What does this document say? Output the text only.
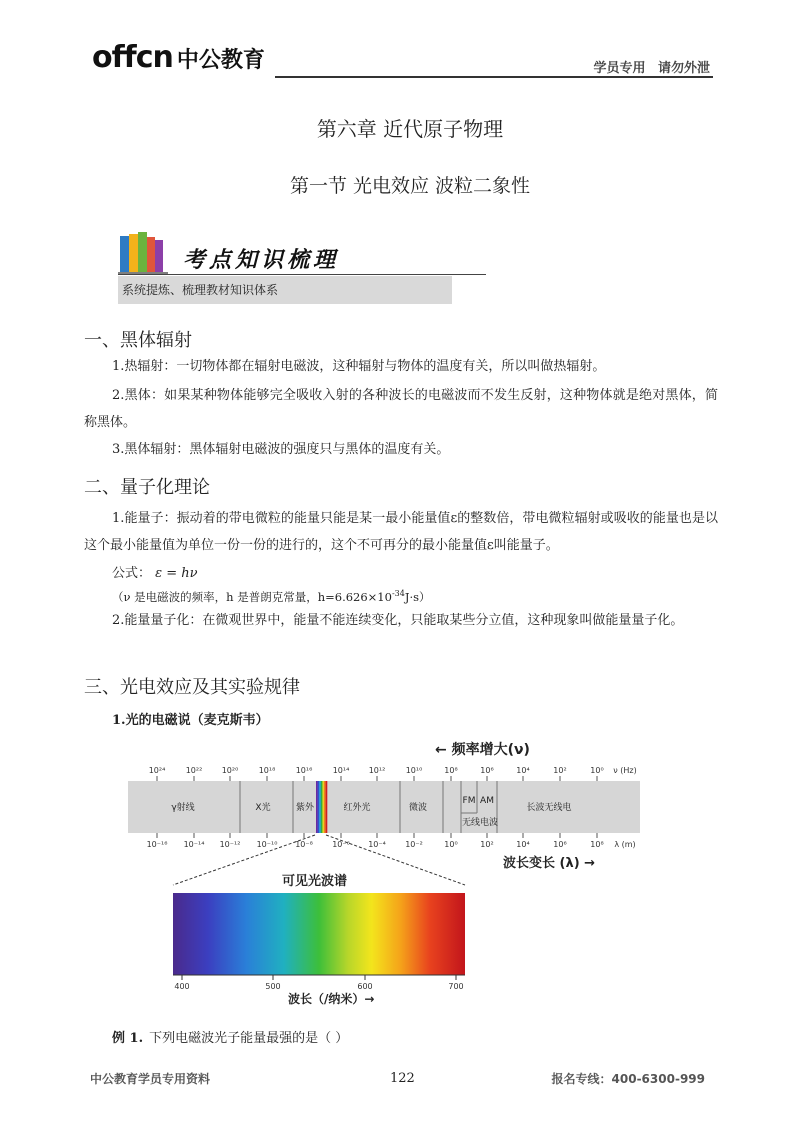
offcn 中公教育	学员专用 请勿外泄
第六章 近代原子物理
第一节 光电效应 波粒二象性
考点知识梳理
系统提炼、梳理教材知识体系
一、黑体辐射
1.热辐射：一切物体都在辐射电磁波，这种辐射与物体的温度有关，所以叫做热辐射。
2.黑体：如果某种物体能够完全吸收入射的各种波长的电磁波而不发生反射，这种物体就是绝对黑体，简称黑体。
3.黑体辐射：黑体辐射电磁波的强度只与黑体的温度有关。
二、量子化理论
1.能量子：振动着的带电微粒的能量只能是某一最小能量值ε的整数倍，带电微粒辐射或吸收的能量也是以这个最小能量值为单位一份一份的进行的，这个不可再分的最小能量值ε叫能量子。
公式： ε = hν
（ν 是电磁波的频率，h 是普朗克常量，$h=6.626\times 10^{-34}J\cdot s$）
2.能量量子化：在微观世界中，能量不能连续变化，只能取某些分立值，这种现象叫做能量量子化。
三、光电效应及其实验规律
1.光的电磁说（麦克斯韦）
← 频率增大(ν)
10²⁴	10²² 10²⁰	10¹⁸	10¹⁶	10¹⁴ 10¹²	10¹⁰	10⁸	10⁶	10⁴	10²	10⁰ ν (Hz)
γ射线	X光	紫外	红外光	微波
FM AM
无线电波
长波无线电
10⁻¹⁶ 10⁻¹⁴ 10⁻¹² 10⁻¹⁰ 10⁻⁸ 10⁻⁶ 10⁻⁴ 10⁻²	10⁰	10²	10⁴	10⁶	10⁸ λ (m)
波长变长 (λ) →
可见光波谱
400	500	600	700
波长（/纳米）→
例 1. 下列电磁波光子能量最强的是（ ）
中公教育学员专用资料	122	报名专线：400-6300-999
